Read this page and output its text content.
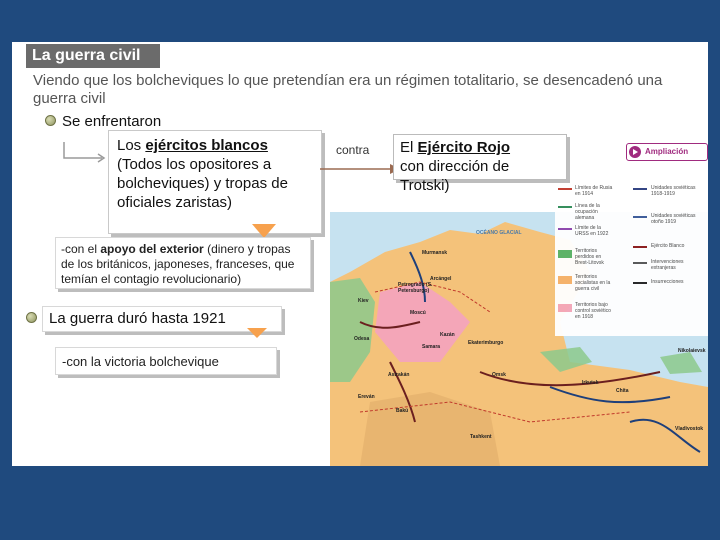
La guerra civil
Viendo que los bolcheviques lo que pretendían era un régimen totalitario, se desencadenó una guerra civil
Se enfrentaron
Los ejércitos blancos
(Todos los opositores a bolcheviques) y tropas de oficiales zaristas)
contra	El Ejército Rojo
con dirección de Trotski)
-con el apoyo del exterior (dinero y tropas de los británicos, japoneses, franceses, que temían el contagio revolucionario)
La guerra duró hasta 1921
-con la victoria bolchevique
Ampliación
OCÉANO GLACIAL
Murmansk
Arcángel
Petrogrado (S. Petersburgo)
Moscú
Kazán
Samara
Ekaterimburgo
Astrakán	Omsk
Irkutsk
Chita
Nikolaievsk
Vladivostok
Bakú
Tashkent
Kiev
Odesa
Ereván
Límites de Rusia en 1914
Línea de la ocupación alemana
Límite de la URSS en 1922
Territorios perdidos en Brest-Litovsk
Territorios socialistas en la guerra civil
Territorios bajo control soviético en 1918
Unidades soviéticas 1918-1919
Unidades soviéticas otoño 1919
Ejército Blanco
Intervenciones extranjeras
Insurrecciones
